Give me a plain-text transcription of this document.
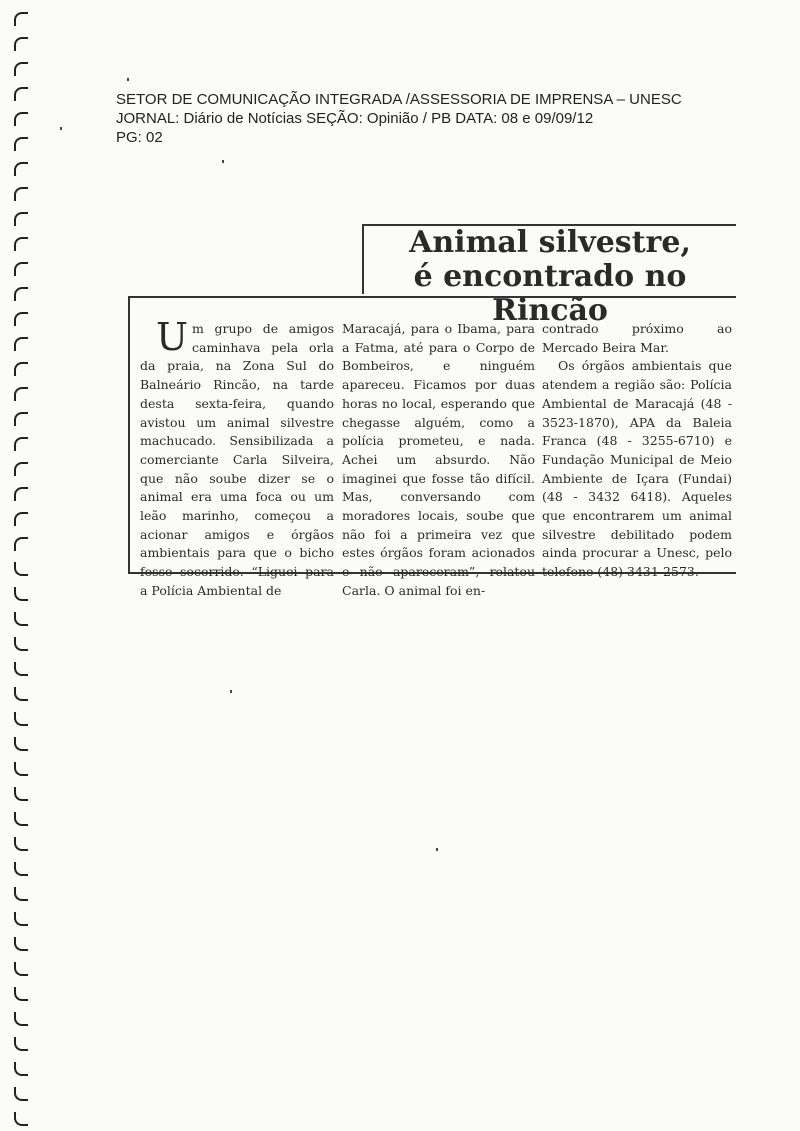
SETOR DE COMUNICAÇÃO INTEGRADA /ASSESSORIA DE IMPRENSA – UNESC
JORNAL: Diário de Notícias SEÇÃO: Opinião / PB DATA: 08 e 09/09/12
PG: 02
Animal silvestre,
é encontrado no Rincão

Um grupo de amigos caminhava pela orla da praia, na Zona Sul do Balneário Rincão, na tarde desta sexta-feira, quando avistou um animal silvestre machucado. Sensibilizada a comerciante Carla Silveira, que não soube dizer se o animal era uma foca ou um leão marinho, começou a acionar amigos e órgãos ambientais para que o bicho fosse socorrido. “Liguei para a Polícia Ambiental de

Maracajá, para o Ibama, para a Fatma, até para o Corpo de Bombeiros, e ninguém apareceu. Ficamos por duas horas no local, esperando que chegasse alguém, como a polícia prometeu, e nada. Achei um absurdo. Não imaginei que fosse tão difícil. Mas, conversando com moradores locais, soube que não foi a primeira vez que estes órgãos foram acionados e não apareceram”, relatou Carla. O animal foi en-

contrado próximo ao Mercado Beira Mar.

Os órgãos ambientais que atendem a região são: Polícia Ambiental de Maracajá (48 - 3523-1870), APA da Baleia Franca (48 - 3255-6710) e Fundação Municipal de Meio Ambiente de Içara (Fundai) (48 - 3432 6418). Aqueles que encontrarem um animal silvestre debilitado podem ainda procurar a Unesc, pelo telefone (48) 3431-2573.
